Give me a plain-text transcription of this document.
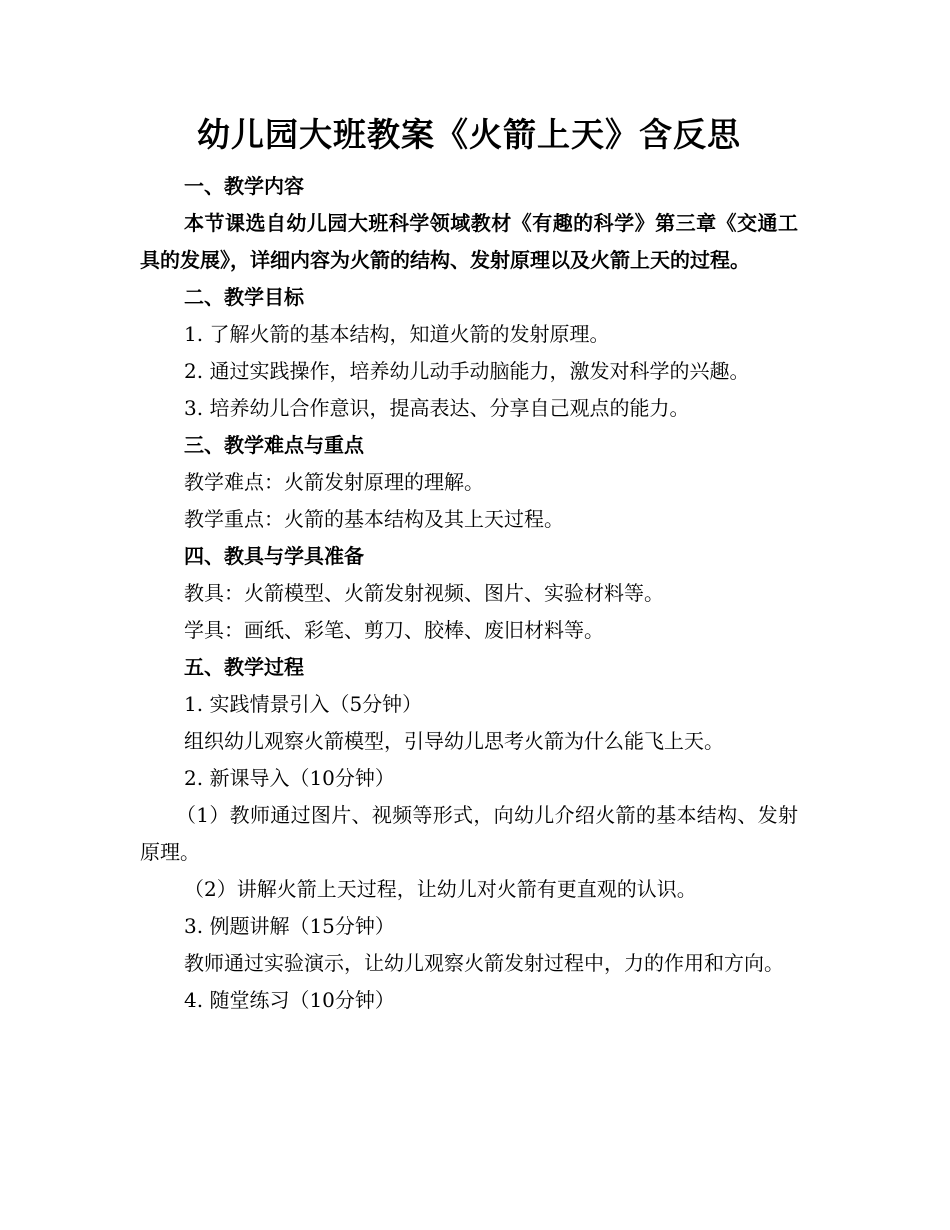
幼儿园大班教案《火箭上天》含反思

一、教学内容

本节课选自幼儿园大班科学领域教材《有趣的科学》第三章《交通工具的发展》，详细内容为火箭的结构、发射原理以及火箭上天的过程。

二、教学目标

1. 了解火箭的基本结构，知道火箭的发射原理。

2. 通过实践操作，培养幼儿动手动脑能力，激发对科学的兴趣。

3. 培养幼儿合作意识，提高表达、分享自己观点的能力。

三、教学难点与重点

教学难点：火箭发射原理的理解。

教学重点：火箭的基本结构及其上天过程。

四、教具与学具准备

教具：火箭模型、火箭发射视频、图片、实验材料等。

学具：画纸、彩笔、剪刀、胶棒、废旧材料等。

五、教学过程

1. 实践情景引入（5分钟）

组织幼儿观察火箭模型，引导幼儿思考火箭为什么能飞上天。

2. 新课导入（10分钟）

（1）教师通过图片、视频等形式，向幼儿介绍火箭的基本结构、发射原理。

（2）讲解火箭上天过程，让幼儿对火箭有更直观的认识。

3. 例题讲解（15分钟）

教师通过实验演示，让幼儿观察火箭发射过程中，力的作用和方向。

4. 随堂练习（10分钟）
